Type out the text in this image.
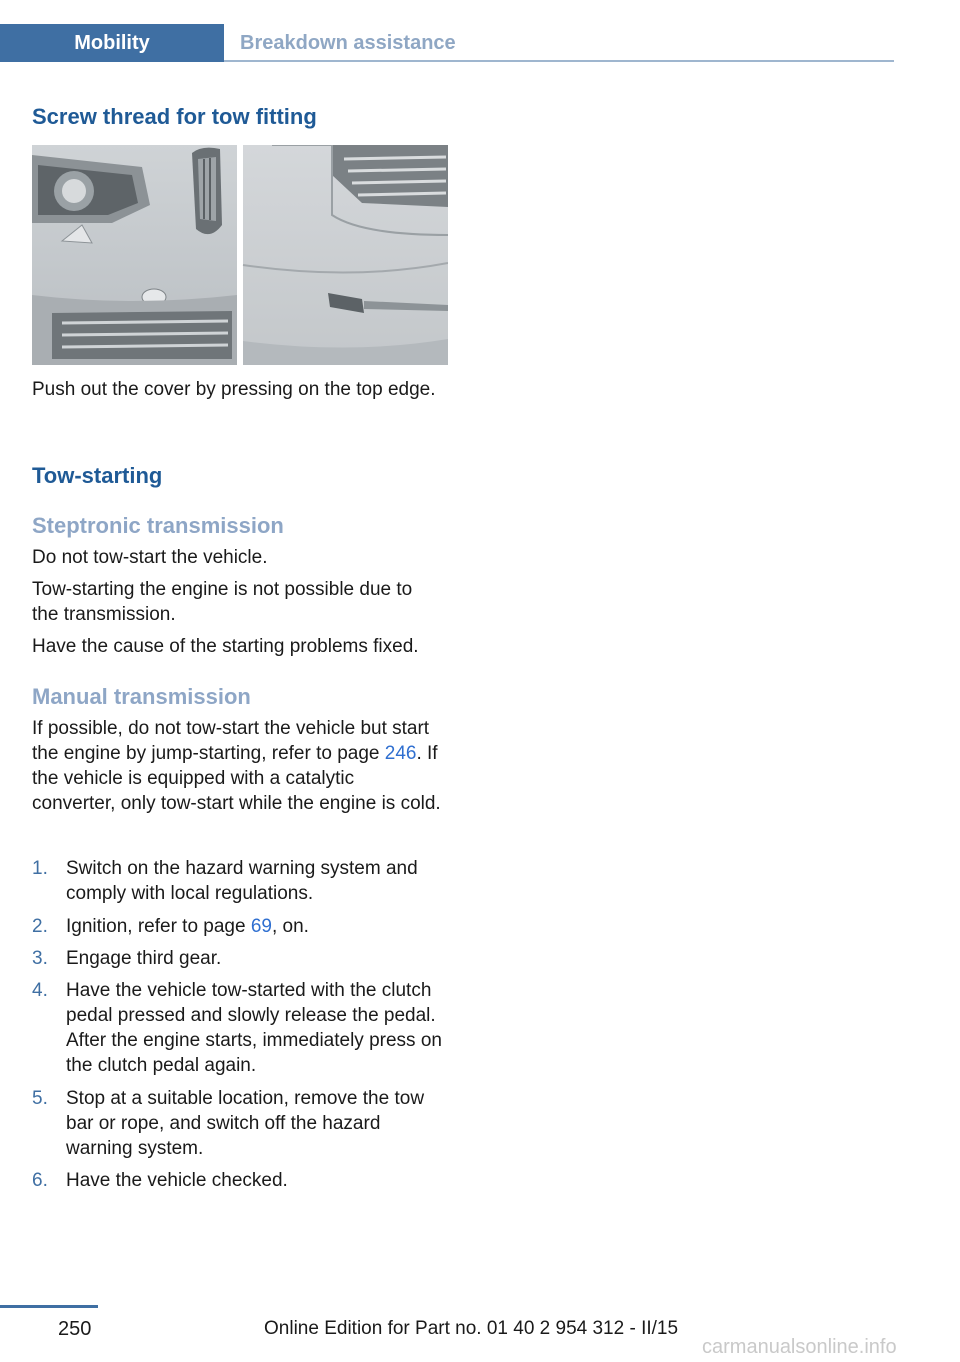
Mobility	Breakdown assistance
Screw thread for tow fitting

Push out the cover by pressing on the top edge.

Tow-starting
Steptronic transmission

Do not tow-start the vehicle.

Tow-starting the engine is not possible due to the transmission.

Have the cause of the starting problems fixed.

Manual transmission

If possible, do not tow-start the vehicle but start the engine by jump-starting, refer to page 246. If the vehicle is equipped with a catalytic converter, only tow-start while the engine is cold.

1. Switch on the hazard warning system and comply with local regulations.
2. Ignition, refer to page 69, on.
3. Engage third gear.
4. Have the vehicle tow-started with the clutch pedal pressed and slowly release the pedal. After the engine starts, immediately press on the clutch pedal again.
5. Stop at a suitable location, remove the tow bar or rope, and switch off the hazard warning system.
6. Have the vehicle checked.
250	Online Edition for Part no. 01 40 2 954 312 - II/15
carmanualsonline.info
